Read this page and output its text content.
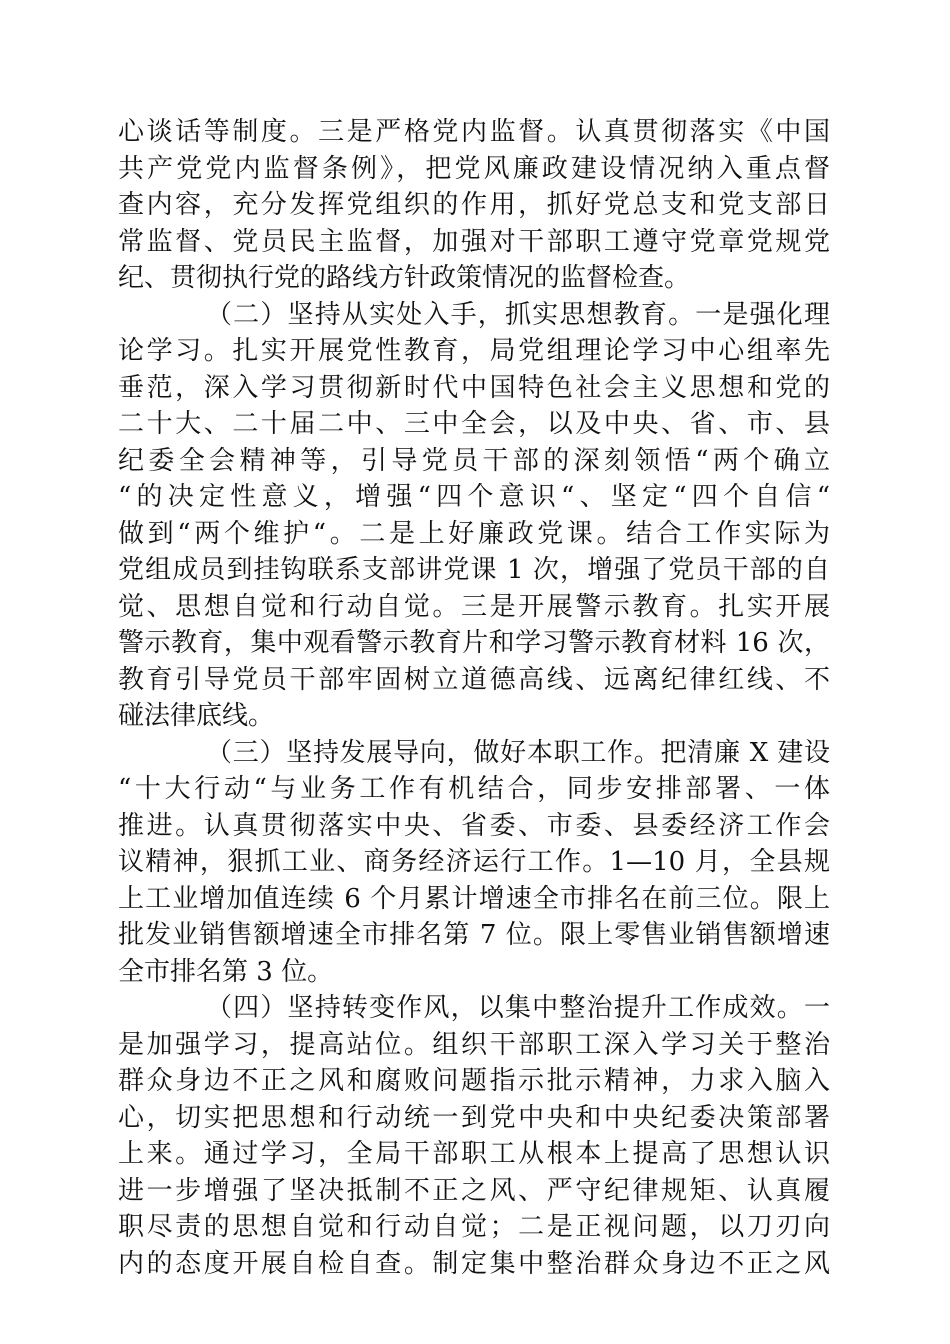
心谈话等制度。三是严格党内监督。认真贯彻落实《中国
共产党党内监督条例》，把党风廉政建设情况纳入重点督
查内容，充分发挥党组织的作用，抓好党总支和党支部日
常监督、党员民主监督，加强对干部职工遵守党章党规党
纪、贯彻执行党的路线方针政策情况的监督检查。
（二）坚持从实处入手，抓实思想教育。一是强化理
论学习。扎实开展党性教育，局党组理论学习中心组率先
垂范，深入学习贯彻新时代中国特色社会主义思想和党的
二十大、二十届二中、三中全会，以及中央、省、市、县
纪委全会精神等，引导党员干部的深刻领悟“两个确立
“的决定性意义，增强“四个意识“、坚定“四个自信“
做到“两个维护“。二是上好廉政党课。结合工作实际为
党组成员到挂钩联系支部讲党课 1 次，增强了党员干部的自
觉、思想自觉和行动自觉。三是开展警示教育。扎实开展
警示教育，集中观看警示教育片和学习警示教育材料 16 次，
教育引导党员干部牢固树立道德高线、远离纪律红线、不
碰法律底线。
（三）坚持发展导向，做好本职工作。把清廉 X 建设
“十大行动“与业务工作有机结合，同步安排部署、一体
推进。认真贯彻落实中央、省委、市委、县委经济工作会
议精神，狠抓工业、商务经济运行工作。1—10 月，全县规
上工业增加值连续 6 个月累计增速全市排名在前三位。限上
批发业销售额增速全市排名第 7 位。限上零售业销售额增速
全市排名第 3 位。
（四）坚持转变作风，以集中整治提升工作成效。一
是加强学习，提高站位。组织干部职工深入学习关于整治
群众身边不正之风和腐败问题指示批示精神，力求入脑入
心，切实把思想和行动统一到党中央和中央纪委决策部署
上来。通过学习，全局干部职工从根本上提高了思想认识
进一步增强了坚决抵制不正之风、严守纪律规矩、认真履
职尽责的思想自觉和行动自觉；二是正视问题，以刀刃向
内的态度开展自检自查。制定集中整治群众身边不正之风
